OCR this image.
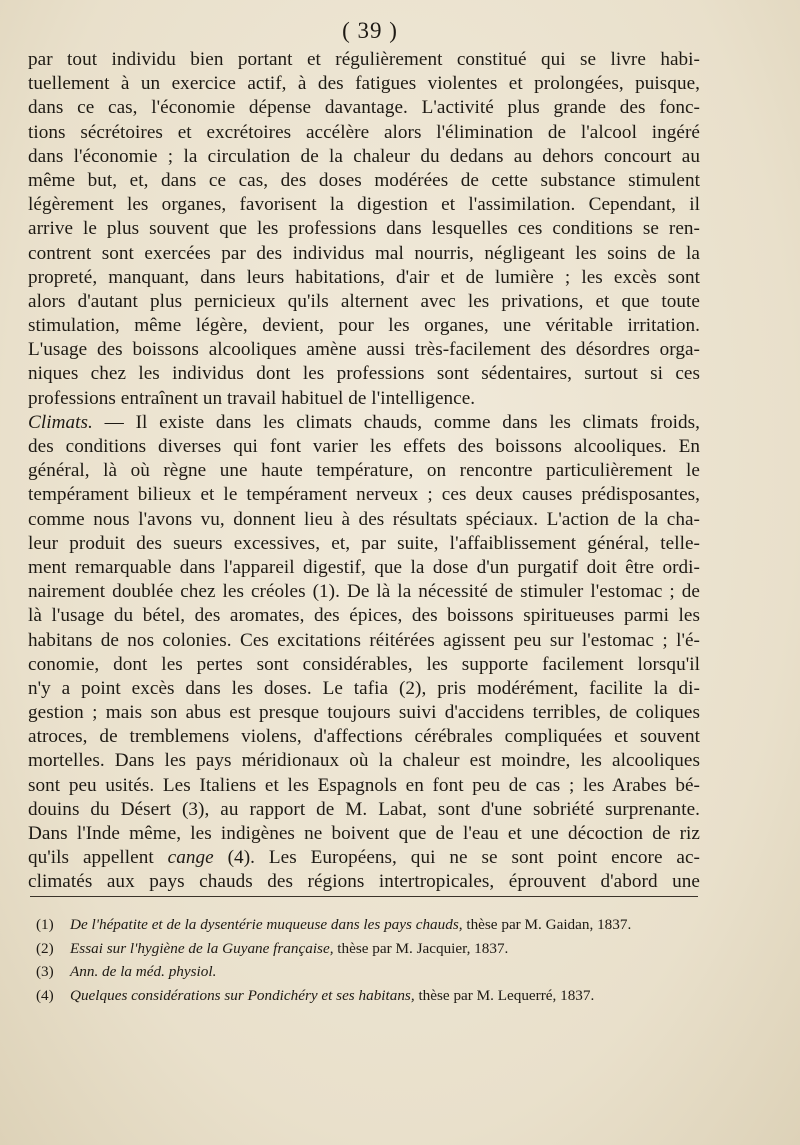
( 39 )
par tout individu bien portant et régulièrement constitué qui se livre habi-
tuellement à un exercice actif, à des fatigues violentes et prolongées, puisque,
dans ce cas, l'économie dépense davantage. L'activité plus grande des fonc-
tions sécrétoires et excrétoires accélère alors l'élimination de l'alcool ingéré
dans l'économie ; la circulation de la chaleur du dedans au dehors concourt au
même but, et, dans ce cas, des doses modérées de cette substance stimulent
légèrement les organes, favorisent la digestion et l'assimilation. Cependant, il
arrive le plus souvent que les professions dans lesquelles ces conditions se ren-
contrent sont exercées par des individus mal nourris, négligeant les soins de la
propreté, manquant, dans leurs habitations, d'air et de lumière ; les excès sont
alors d'autant plus pernicieux qu'ils alternent avec les privations, et que toute
stimulation, même légère, devient, pour les organes, une véritable irritation.
L'usage des boissons alcooliques amène aussi très-facilement des désordres orga-
niques chez les individus dont les professions sont sédentaires, surtout si ces
professions entraînent un travail habituel de l'intelligence.
Climats. — Il existe dans les climats chauds, comme dans les climats froids,
des conditions diverses qui font varier les effets des boissons alcooliques. En
général, là où règne une haute température, on rencontre particulièrement le
tempérament bilieux et le tempérament nerveux ; ces deux causes prédisposantes,
comme nous l'avons vu, donnent lieu à des résultats spéciaux. L'action de la cha-
leur produit des sueurs excessives, et, par suite, l'affaiblissement général, telle-
ment remarquable dans l'appareil digestif, que la dose d'un purgatif doit être ordi-
nairement doublée chez les créoles (1). De là la nécessité de stimuler l'estomac ; de
là l'usage du bétel, des aromates, des épices, des boissons spiritueuses parmi les
habitans de nos colonies. Ces excitations réitérées agissent peu sur l'estomac ; l'é-
conomie, dont les pertes sont considérables, les supporte facilement lorsqu'il
n'y a point excès dans les doses. Le tafia (2), pris modérément, facilite la di-
gestion ; mais son abus est presque toujours suivi d'accidens terribles, de coliques
atroces, de tremblemens violens, d'affections cérébrales compliquées et souvent
mortelles. Dans les pays méridionaux où la chaleur est moindre, les alcooliques
sont peu usités. Les Italiens et les Espagnols en font peu de cas ; les Arabes bé-
douins du Désert (3), au rapport de M. Labat, sont d'une sobriété surprenante.
Dans l'Inde même, les indigènes ne boivent que de l'eau et une décoction de riz
qu'ils appellent cange (4). Les Européens, qui ne se sont point encore ac-
climatés aux pays chauds des régions intertropicales, éprouvent d'abord une
(1) De l'hépatite et de la dysentérie muqueuse dans les pays chauds, thèse par M. Gaidan, 1837.
(2) Essai sur l'hygiène de la Guyane française, thèse par M. Jacquier, 1837.
(3) Ann. de la méd. physiol.
(4) Quelques considérations sur Pondichéry et ses habitans, thèse par M. Lequerré, 1837.
